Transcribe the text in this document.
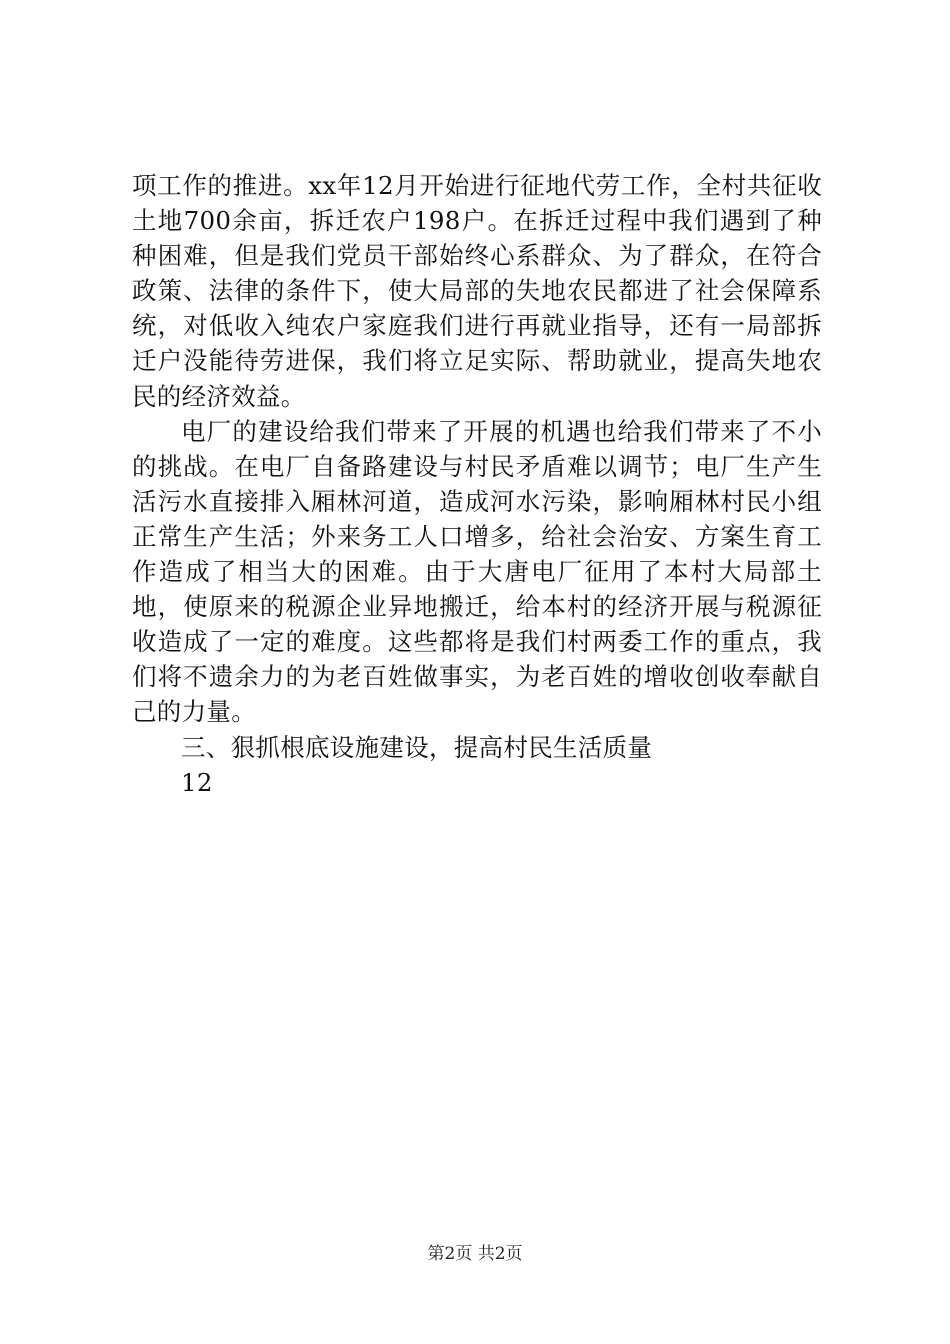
项工作的推进。xx年12月开始进行征地代劳工作，全村共征收土地700余亩，拆迁农户198户。在拆迁过程中我们遇到了种种困难，但是我们党员干部始终心系群众、为了群众，在符合政策、法律的条件下，使大局部的失地农民都进了社会保障系统，对低收入纯农户家庭我们进行再就业指导，还有一局部拆迁户没能待劳进保，我们将立足实际、帮助就业，提高失地农民的经济效益。

电厂的建设给我们带来了开展的机遇也给我们带来了不小的挑战。在电厂自备路建设与村民矛盾难以调节；电厂生产生活污水直接排入厢林河道，造成河水污染，影响厢林村民小组正常生产生活；外来务工人口增多，给社会治安、方案生育工作造成了相当大的困难。由于大唐电厂征用了本村大局部土地，使原来的税源企业异地搬迁，给本村的经济开展与税源征收造成了一定的难度。这些都将是我们村两委工作的重点，我们将不遗余力的为老百姓做事实，为老百姓的增收创收奉献自己的力量。

三、狠抓根底设施建设，提高村民生活质量

12

第2页 共2页
